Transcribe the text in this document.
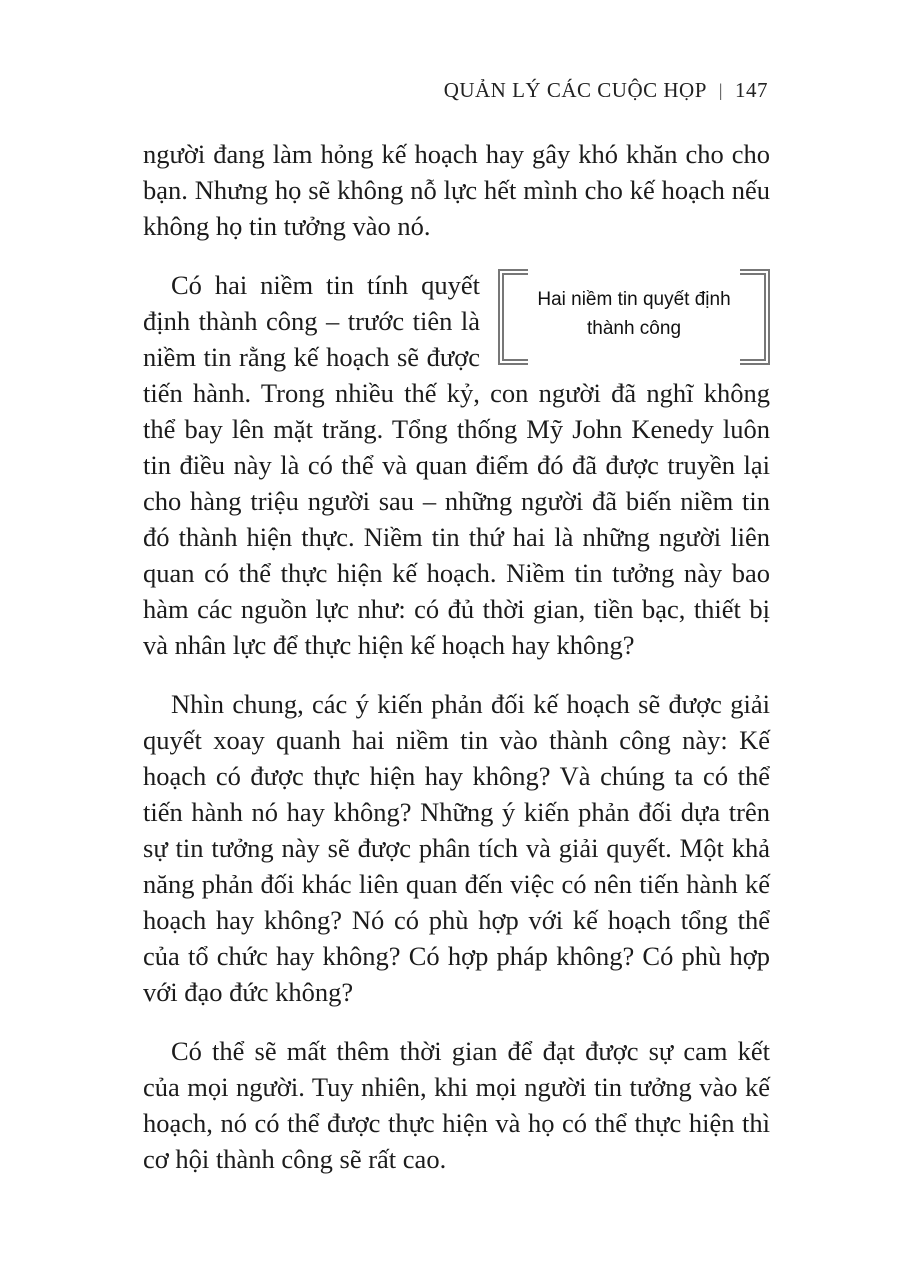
QUẢN LÝ CÁC CUỘC HỌP | 147

người đang làm hỏng kế hoạch hay gây khó khăn cho cho bạn. Nhưng họ sẽ không nỗ lực hết mình cho kế hoạch nếu không họ tin tưởng vào nó.

Hai niềm tin quyết định
thành công
Có hai niềm tin tính quyết định thành công – trước tiên là niềm tin rằng kế hoạch sẽ được tiến hành. Trong nhiều thế kỷ, con người đã nghĩ không thể bay lên mặt trăng. Tổng thống Mỹ John Kenedy luôn tin điều này là có thể và quan điểm đó đã được truyền lại cho hàng triệu người sau – những người đã biến niềm tin đó thành hiện thực. Niềm tin thứ hai là những người liên quan có thể thực hiện kế hoạch. Niềm tin tưởng này bao hàm các nguồn lực như: có đủ thời gian, tiền bạc, thiết bị và nhân lực để thực hiện kế hoạch hay không?

Nhìn chung, các ý kiến phản đối kế hoạch sẽ được giải quyết xoay quanh hai niềm tin vào thành công này: Kế hoạch có được thực hiện hay không? Và chúng ta có thể tiến hành nó hay không? Những ý kiến phản đối dựa trên sự tin tưởng này sẽ được phân tích và giải quyết. Một khả năng phản đối khác liên quan đến việc có nên tiến hành kế hoạch hay không? Nó có phù hợp với kế hoạch tổng thể của tổ chức hay không? Có hợp pháp không? Có phù hợp với đạo đức không?

Có thể sẽ mất thêm thời gian để đạt được sự cam kết của mọi người. Tuy nhiên, khi mọi người tin tưởng vào kế hoạch, nó có thể được thực hiện và họ có thể thực hiện thì cơ hội thành công sẽ rất cao.
